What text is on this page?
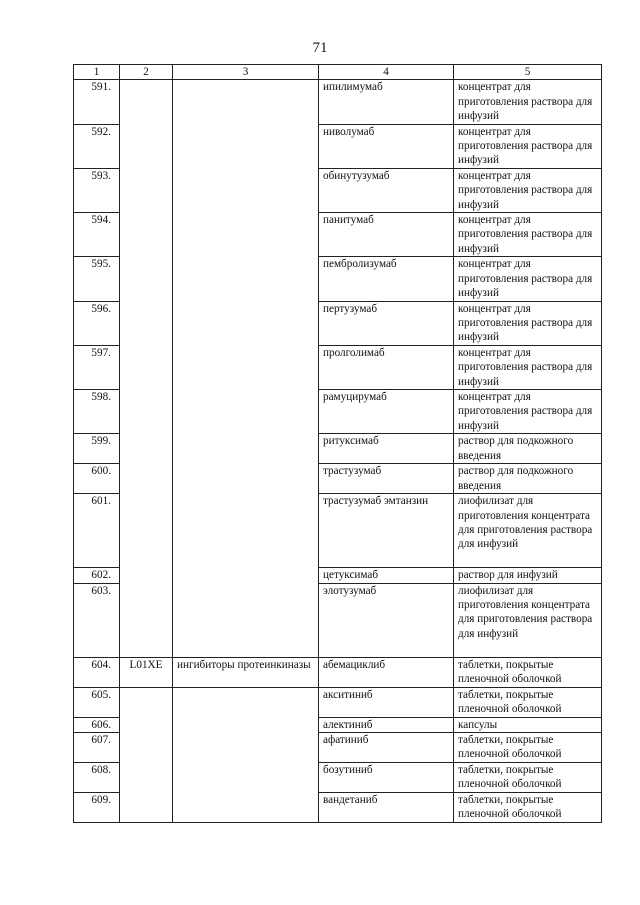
71
1	2	3	4	5

591.			ипилимумаб	концентрат для приготовления раствора для инфузий

592.			ниволумаб	концентрат для приготовления раствора для инфузий

593.			обинутузумаб	концентрат для приготовления раствора для инфузий

594.			панитумаб	концентрат для приготовления раствора для инфузий

595.			пембролизумаб	концентрат для приготовления раствора для инфузий

596.			пертузумаб	концентрат для приготовления раствора для инфузий

597.			пролголимаб	концентрат для приготовления раствора для инфузий

598.			рамуцирумаб	концентрат для приготовления раствора для инфузий

599.			ритуксимаб	раствор для подкожного введения

600.			трастузумаб	раствор для подкожного введения

601.			трастузумаб эмтанзин	лиофилизат для приготовления концентрата для приготовления раствора для инфузий

602.			цетуксимаб	раствор для инфузий

603.			элотузумаб	лиофилизат для приготовления концентрата для приготовления раствора для инфузий

604.	L01XE	ингибиторы протеинкиназы	абемациклиб	таблетки, покрытые пленочной оболочкой

605.			акситиниб	таблетки, покрытые пленочной оболочкой

606.			алектиниб	капсулы

607.			афатиниб	таблетки, покрытые пленочной оболочкой

608.			бозутиниб	таблетки, покрытые пленочной оболочкой

609.			вандетаниб	таблетки, покрытые пленочной оболочкой
